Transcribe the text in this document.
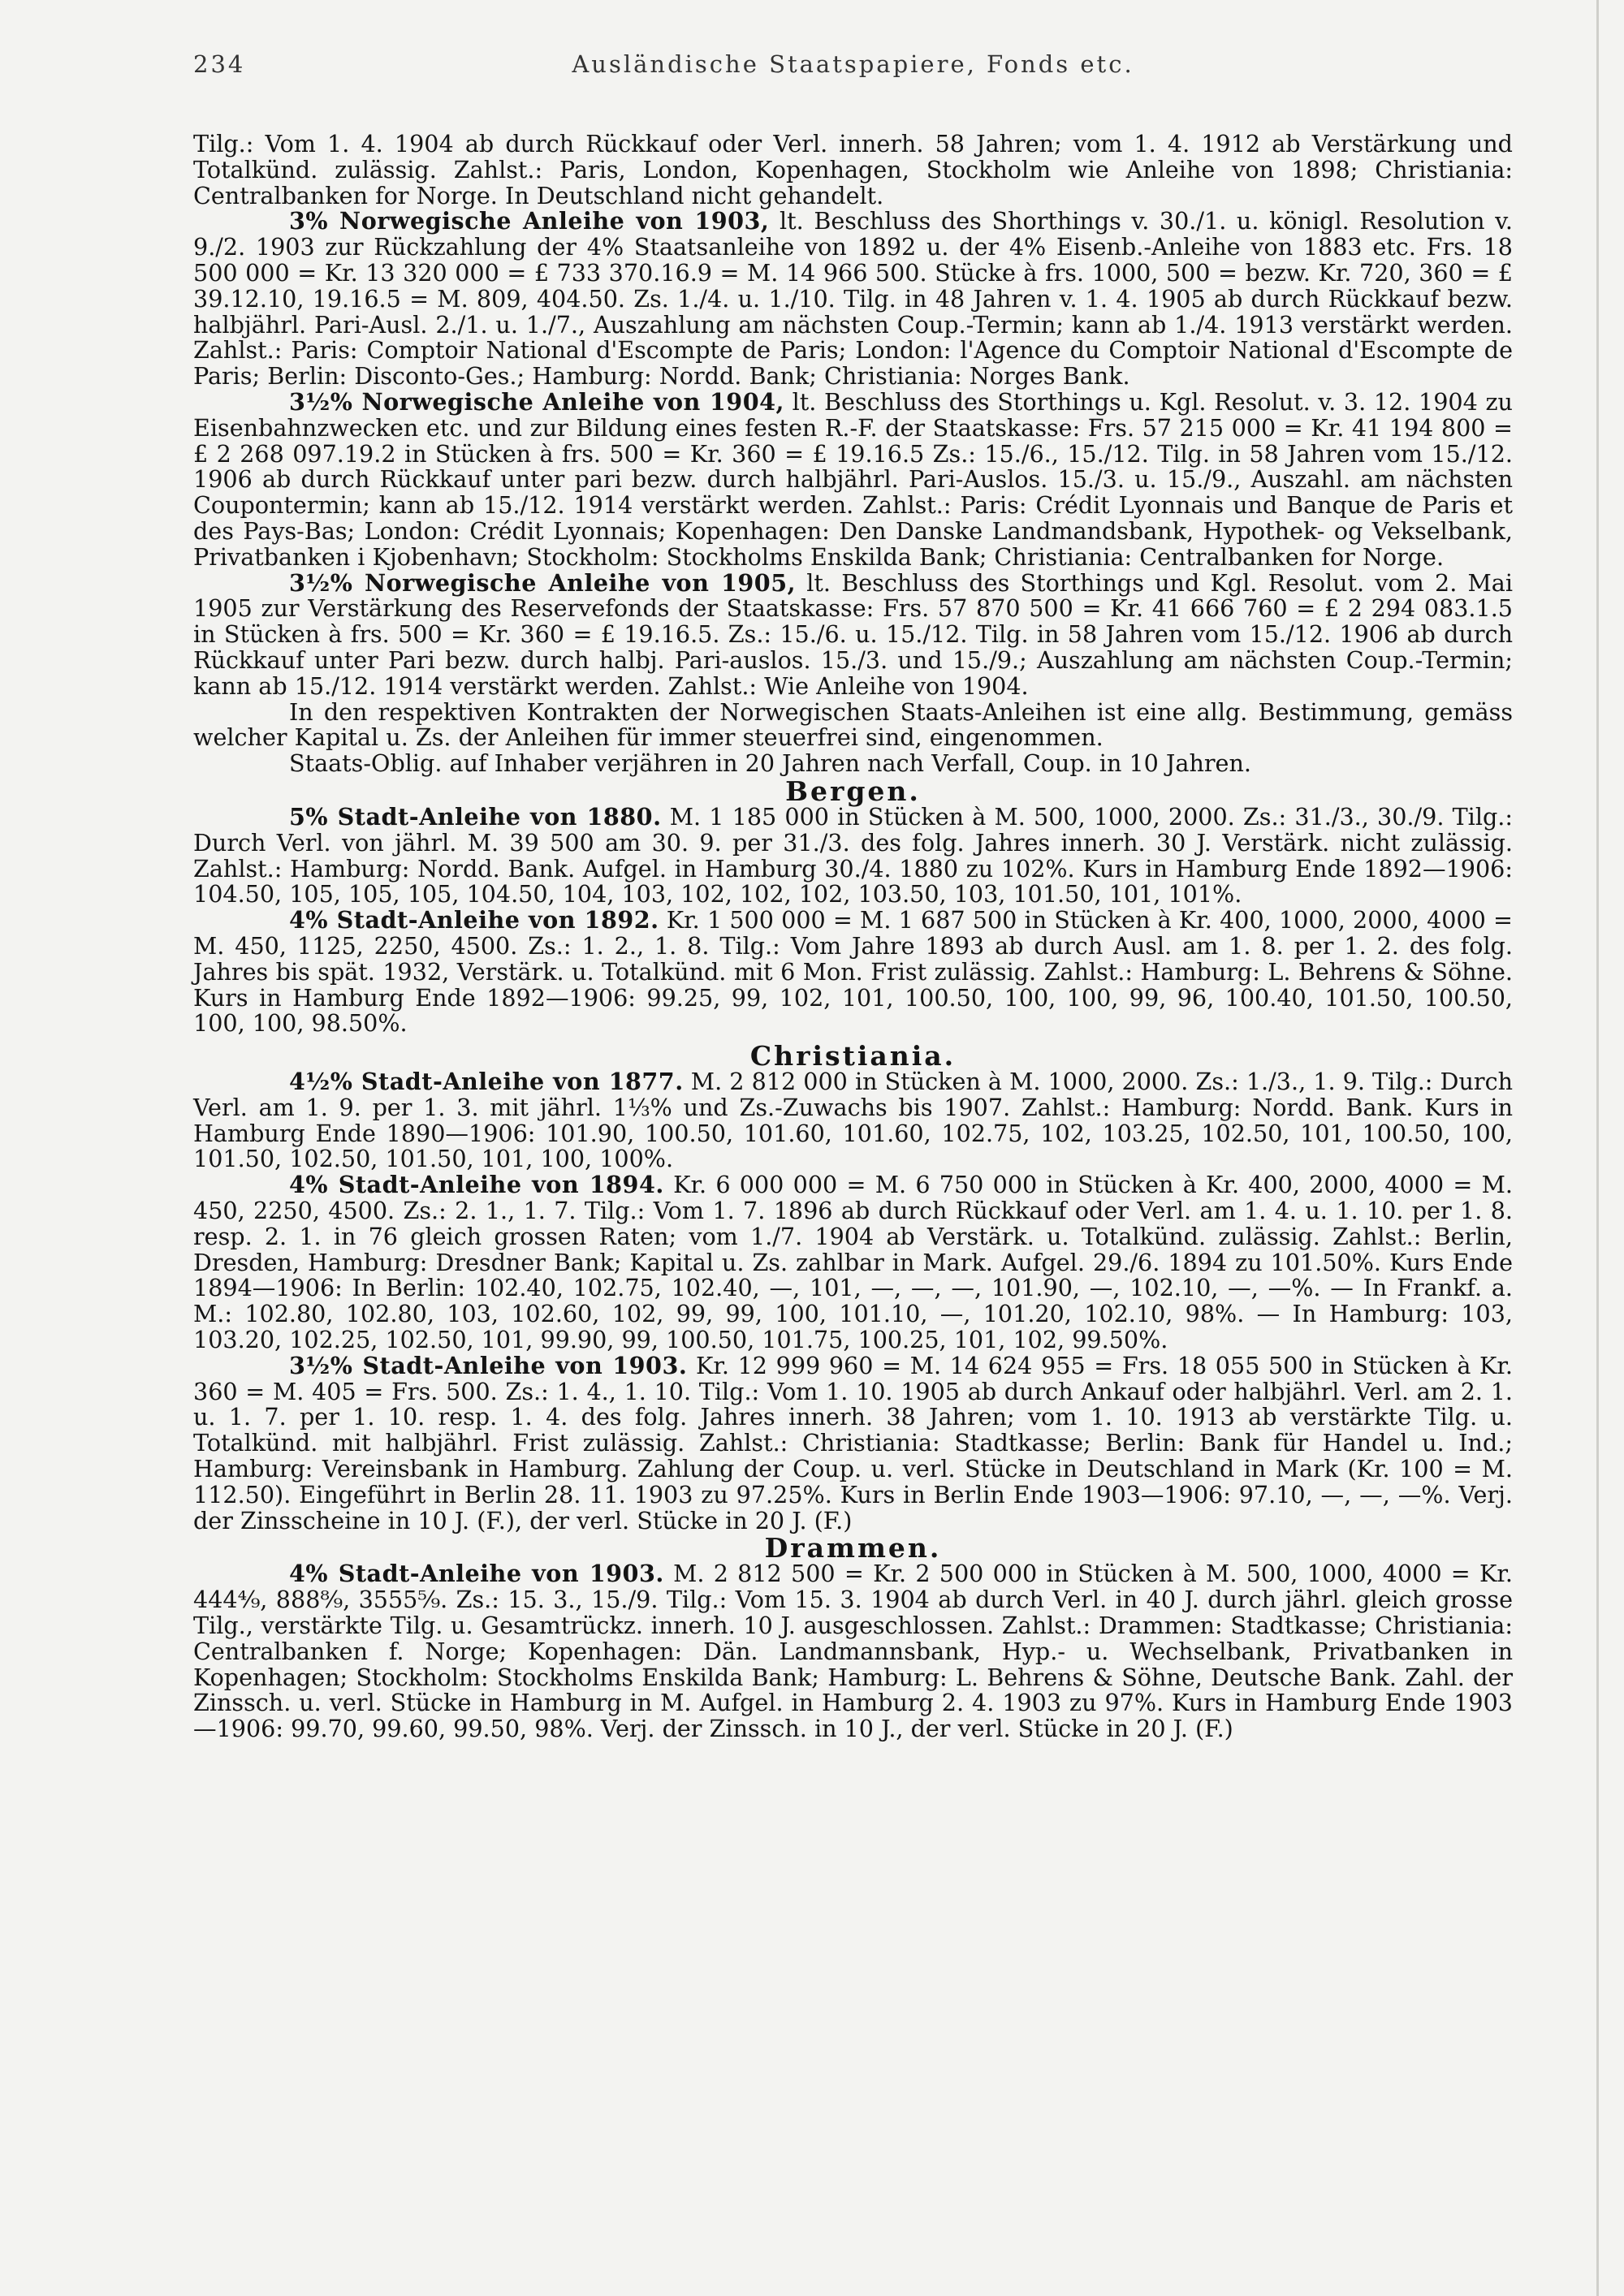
234	Ausländische Staatspapiere, Fonds etc.

Tilg.: Vom 1. 4. 1904 ab durch Rückkauf oder Verl. innerh. 58 Jahren; vom 1. 4. 1912 ab Verstärkung und Totalkünd. zulässig. Zahlst.: Paris, London, Kopenhagen, Stockholm wie Anleihe von 1898; Christiania: Centralbanken for Norge. In Deutschland nicht gehandelt.

3% Norwegische Anleihe von 1903, lt. Beschluss des Shorthings v. 30./1. u. königl. Resolution v. 9./2. 1903 zur Rückzahlung der 4% Staatsanleihe von 1892 u. der 4% Eisenb.-Anleihe von 1883 etc. Frs. 18 500 000 = Kr. 13 320 000 = £ 733 370.16.9 = M. 14 966 500. Stücke à frs. 1000, 500 = bezw. Kr. 720, 360 = £ 39.12.10, 19.16.5 = M. 809, 404.50. Zs. 1./4. u. 1./10. Tilg. in 48 Jahren v. 1. 4. 1905 ab durch Rückkauf bezw. halbjährl. Pari-Ausl. 2./1. u. 1./7., Auszahlung am nächsten Coup.-Termin; kann ab 1./4. 1913 verstärkt werden. Zahlst.: Paris: Comptoir National d'Escompte de Paris; London: l'Agence du Comptoir National d'Escompte de Paris; Berlin: Disconto-Ges.; Hamburg: Nordd. Bank; Christiania: Norges Bank.

3½% Norwegische Anleihe von 1904, lt. Beschluss des Storthings u. Kgl. Resolut. v. 3. 12. 1904 zu Eisenbahnzwecken etc. und zur Bildung eines festen R.-F. der Staatskasse: Frs. 57 215 000 = Kr. 41 194 800 = £ 2 268 097.19.2 in Stücken à frs. 500 = Kr. 360 = £ 19.16.5 Zs.: 15./6., 15./12. Tilg. in 58 Jahren vom 15./12. 1906 ab durch Rückkauf unter pari bezw. durch halbjährl. Pari-Auslos. 15./3. u. 15./9., Auszahl. am nächsten Coupontermin; kann ab 15./12. 1914 verstärkt werden. Zahlst.: Paris: Crédit Lyonnais und Banque de Paris et des Pays-Bas; London: Crédit Lyonnais; Kopenhagen: Den Danske Landmandsbank, Hypothek- og Vekselbank, Privatbanken i Kjobenhavn; Stockholm: Stockholms Enskilda Bank; Christiania: Centralbanken for Norge.

3½% Norwegische Anleihe von 1905, lt. Beschluss des Storthings und Kgl. Resolut. vom 2. Mai 1905 zur Verstärkung des Reservefonds der Staatskasse: Frs. 57 870 500 = Kr. 41 666 760 = £ 2 294 083.1.5 in Stücken à frs. 500 = Kr. 360 = £ 19.16.5. Zs.: 15./6. u. 15./12. Tilg. in 58 Jahren vom 15./12. 1906 ab durch Rückkauf unter Pari bezw. durch halbj. Pari-auslos. 15./3. und 15./9.; Auszahlung am nächsten Coup.-Termin; kann ab 15./12. 1914 verstärkt werden. Zahlst.: Wie Anleihe von 1904.

In den respektiven Kontrakten der Norwegischen Staats-Anleihen ist eine allg. Bestimmung, gemäss welcher Kapital u. Zs. der Anleihen für immer steuerfrei sind, eingenommen.

Staats-Oblig. auf Inhaber verjähren in 20 Jahren nach Verfall, Coup. in 10 Jahren.

Bergen.

5% Stadt-Anleihe von 1880. M. 1 185 000 in Stücken à M. 500, 1000, 2000. Zs.: 31./3., 30./9. Tilg.: Durch Verl. von jährl. M. 39 500 am 30. 9. per 31./3. des folg. Jahres innerh. 30 J. Verstärk. nicht zulässig. Zahlst.: Hamburg: Nordd. Bank. Aufgel. in Hamburg 30./4. 1880 zu 102%. Kurs in Hamburg Ende 1892—1906: 104.50, 105, 105, 105, 104.50, 104, 103, 102, 102, 102, 103.50, 103, 101.50, 101, 101%.

4% Stadt-Anleihe von 1892. Kr. 1 500 000 = M. 1 687 500 in Stücken à Kr. 400, 1000, 2000, 4000 = M. 450, 1125, 2250, 4500. Zs.: 1. 2., 1. 8. Tilg.: Vom Jahre 1893 ab durch Ausl. am 1. 8. per 1. 2. des folg. Jahres bis spät. 1932, Verstärk. u. Totalkünd. mit 6 Mon. Frist zulässig. Zahlst.: Hamburg: L. Behrens & Söhne. Kurs in Hamburg Ende 1892—1906: 99.25, 99, 102, 101, 100.50, 100, 100, 99, 96, 100.40, 101.50, 100.50, 100, 100, 98.50%.

Christiania.

4½% Stadt-Anleihe von 1877. M. 2 812 000 in Stücken à M. 1000, 2000. Zs.: 1./3., 1. 9. Tilg.: Durch Verl. am 1. 9. per 1. 3. mit jährl. 1⅓% und Zs.-Zuwachs bis 1907. Zahlst.: Hamburg: Nordd. Bank. Kurs in Hamburg Ende 1890—1906: 101.90, 100.50, 101.60, 101.60, 102.75, 102, 103.25, 102.50, 101, 100.50, 100, 101.50, 102.50, 101.50, 101, 100, 100%.

4% Stadt-Anleihe von 1894. Kr. 6 000 000 = M. 6 750 000 in Stücken à Kr. 400, 2000, 4000 = M. 450, 2250, 4500. Zs.: 2. 1., 1. 7. Tilg.: Vom 1. 7. 1896 ab durch Rückkauf oder Verl. am 1. 4. u. 1. 10. per 1. 8. resp. 2. 1. in 76 gleich grossen Raten; vom 1./7. 1904 ab Verstärk. u. Totalkünd. zulässig. Zahlst.: Berlin, Dresden, Hamburg: Dresdner Bank; Kapital u. Zs. zahlbar in Mark. Aufgel. 29./6. 1894 zu 101.50%. Kurs Ende 1894—1906: In Berlin: 102.40, 102.75, 102.40, —, 101, —, —, —, 101.90, —, 102.10, —, —%. — In Frankf. a. M.: 102.80, 102.80, 103, 102.60, 102, 99, 99, 100, 101.10, —, 101.20, 102.10, 98%. — In Hamburg: 103, 103.20, 102.25, 102.50, 101, 99.90, 99, 100.50, 101.75, 100.25, 101, 102, 99.50%.

3½% Stadt-Anleihe von 1903. Kr. 12 999 960 = M. 14 624 955 = Frs. 18 055 500 in Stücken à Kr. 360 = M. 405 = Frs. 500. Zs.: 1. 4., 1. 10. Tilg.: Vom 1. 10. 1905 ab durch Ankauf oder halbjährl. Verl. am 2. 1. u. 1. 7. per 1. 10. resp. 1. 4. des folg. Jahres innerh. 38 Jahren; vom 1. 10. 1913 ab verstärkte Tilg. u. Totalkünd. mit halbjährl. Frist zulässig. Zahlst.: Christiania: Stadtkasse; Berlin: Bank für Handel u. Ind.; Hamburg: Vereinsbank in Hamburg. Zahlung der Coup. u. verl. Stücke in Deutschland in Mark (Kr. 100 = M. 112.50). Eingeführt in Berlin 28. 11. 1903 zu 97.25%. Kurs in Berlin Ende 1903—1906: 97.10, —, —, —%. Verj. der Zinsscheine in 10 J. (F.), der verl. Stücke in 20 J. (F.)

Drammen.

4% Stadt-Anleihe von 1903. M. 2 812 500 = Kr. 2 500 000 in Stücken à M. 500, 1000, 4000 = Kr. 444⁴⁄₉, 888⁸⁄₉, 3555⁵⁄₉. Zs.: 15. 3., 15./9. Tilg.: Vom 15. 3. 1904 ab durch Verl. in 40 J. durch jährl. gleich grosse Tilg., verstärkte Tilg. u. Gesamtrückz. innerh. 10 J. ausgeschlossen. Zahlst.: Drammen: Stadtkasse; Christiania: Centralbanken f. Norge; Kopenhagen: Dän. Landmannsbank, Hyp.- u. Wechselbank, Privatbanken in Kopenhagen; Stockholm: Stockholms Enskilda Bank; Hamburg: L. Behrens & Söhne, Deutsche Bank. Zahl. der Zinssch. u. verl. Stücke in Hamburg in M. Aufgel. in Hamburg 2. 4. 1903 zu 97%. Kurs in Hamburg Ende 1903—1906: 99.70, 99.60, 99.50, 98%. Verj. der Zinssch. in 10 J., der verl. Stücke in 20 J. (F.)
